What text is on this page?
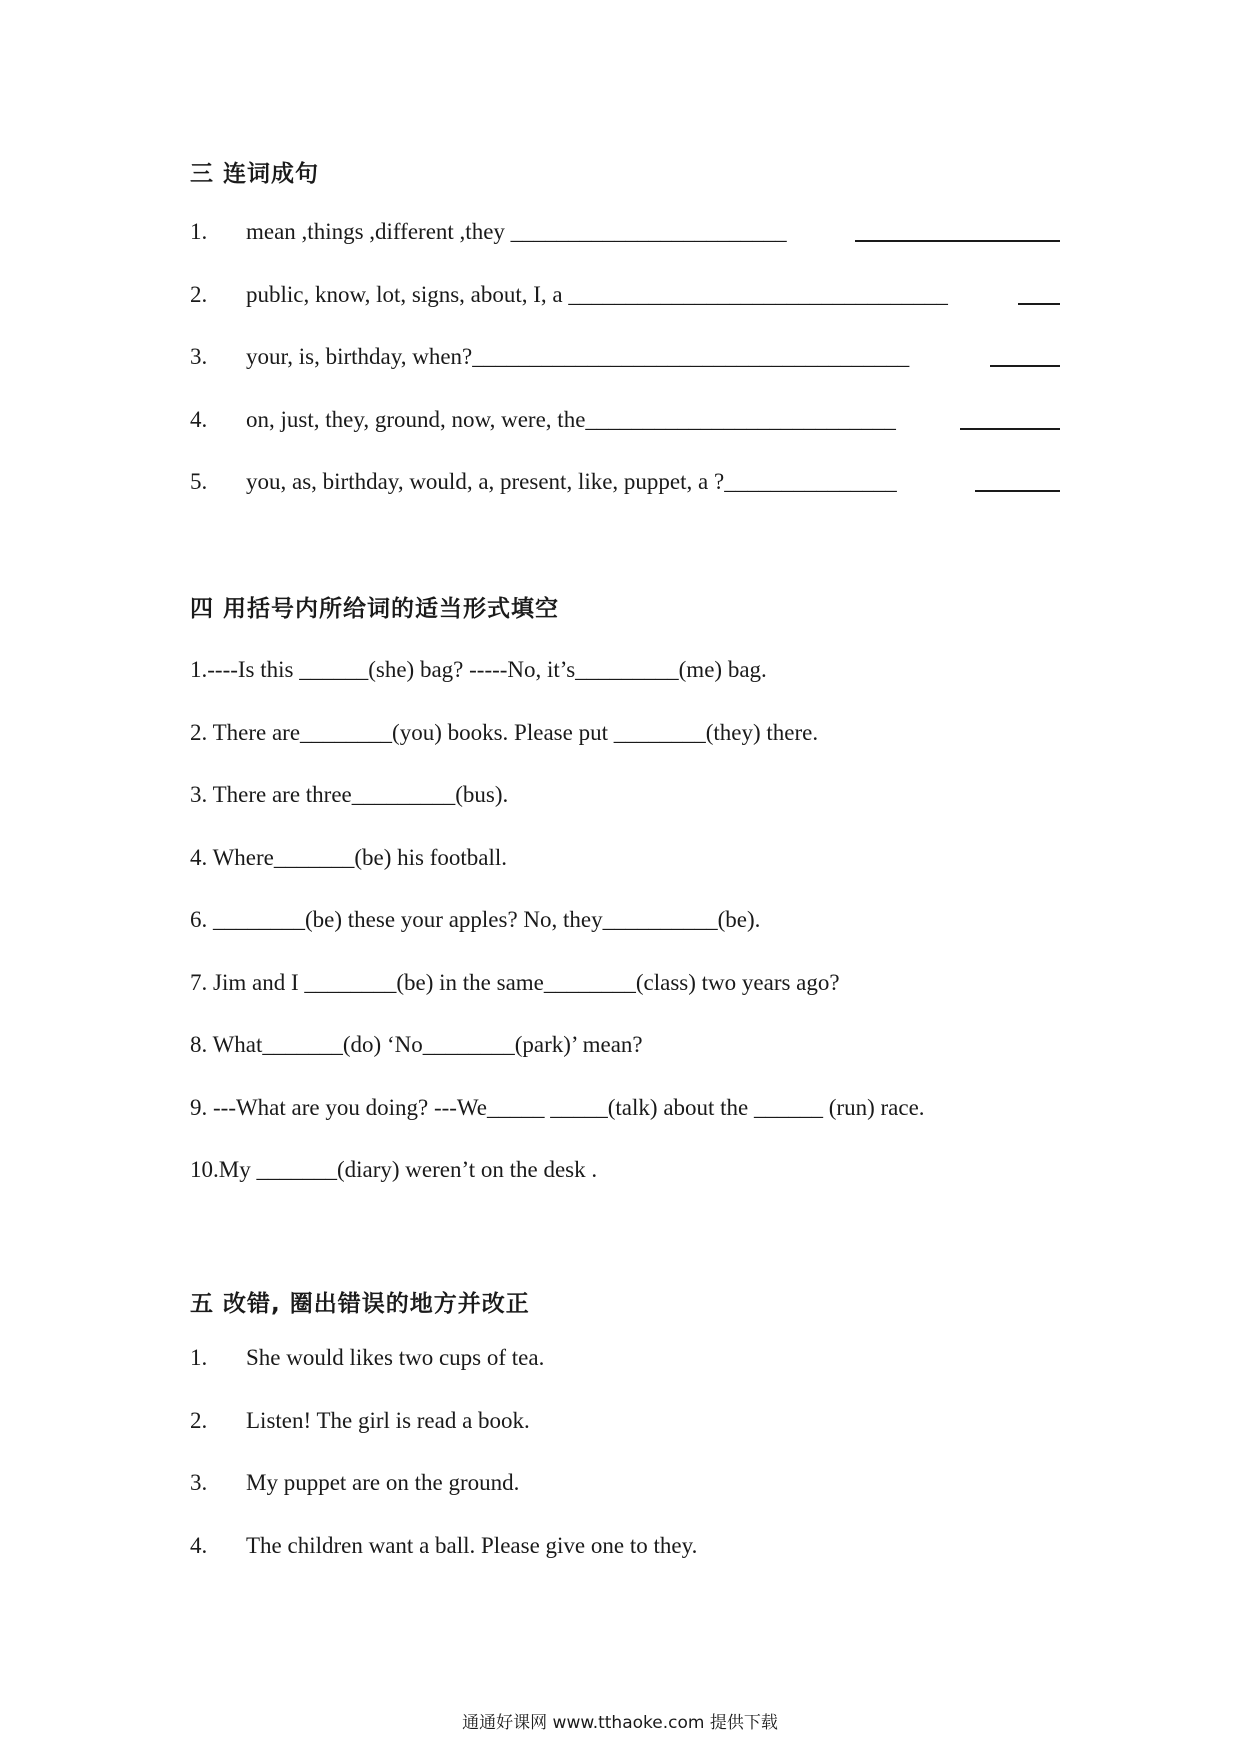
三 连词成句
1. mean ,things ,different ,they ________________________
2. public, know, lot, signs, about, I, a _________________________________
3. your, is, birthday, when?______________________________________
4. on, just, they, ground, now, were, the___________________________
5. you, as, birthday, would, a, present, like, puppet, a ?_______________
四 用括号内所给词的适当形式填空
1.----Is this ______(she) bag? -----No, it’s_________(me) bag.
2. There are________(you) books. Please put ________(they) there.
3. There are three_________(bus).
4. Where_______(be) his football.
6. ________(be) these your apples? No, they__________(be).
7. Jim and I ________(be) in the same________(class) two years ago?
8. What_______(do) ‘No________(park)’ mean?
9. ---What are you doing? ---We_____ _____(talk) about the ______ (run) race.
10.My _______(diary) weren’t on the desk .
五 改错, 圈出错误的地方并改正
1. She would likes two cups of tea.
2. Listen! The girl is read a book.
3. My puppet are on the ground.
4. The children want a ball. Please give one to they.
通通好课网 www.tthaoke.com 提供下载
